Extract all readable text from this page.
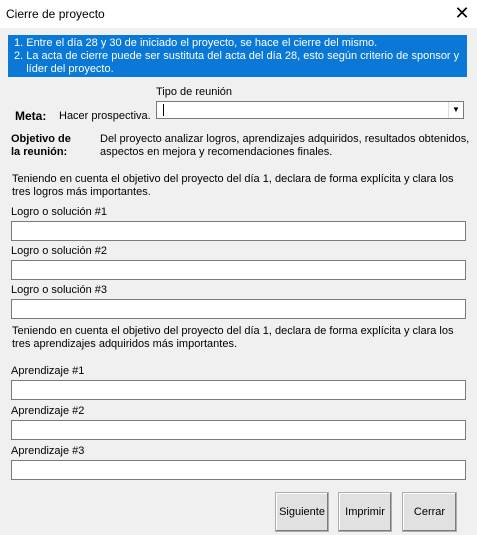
Cierre de proyecto	✕
1. Entre el día 28 y 30 de iniciado el proyecto, se hace el cierre del mismo.
2. La acta de cierre puede ser sustituta del acta del día 28, esto según criterio de sponsor y
líder del proyecto.
Tipo de reunión
Meta: Hacer prospectiva.
▼
Objetivo de
la reunión:
Del proyecto analizar logros, aprendizajes adquiridos, resultados obtenidos,
aspectos en mejora y recomendaciones finales.
Teniendo en cuenta el objetivo del proyecto del día 1, declara de forma explícita y clara los
tres logros más importantes.
Logro o solución #1
Logro o solución #2
Logro o solución #3
Teniendo en cuenta el objetivo del proyecto del día 1, declara de forma explícita y clara los
tres aprendizajes adquiridos más importantes.
Aprendizaje #1
Aprendizaje #2
Aprendizaje #3
Siguiente	Imprimir	Cerrar
